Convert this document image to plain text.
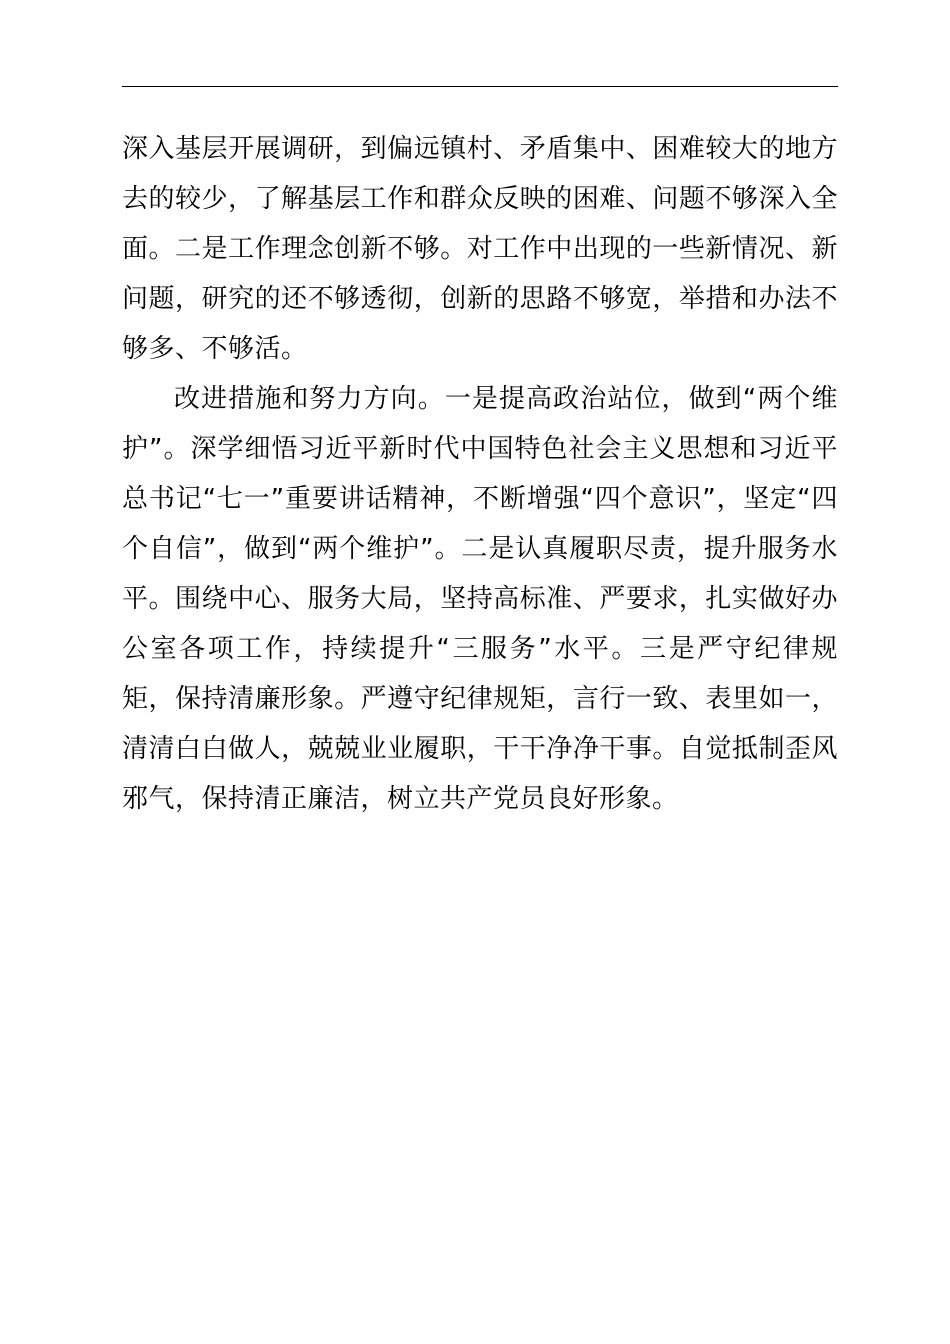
深入基层开展调研，到偏远镇村、矛盾集中、困难较大的地方去的较少，了解基层工作和群众反映的困难、问题不够深入全面。二是工作理念创新不够。对工作中出现的一些新情况、新问题，研究的还不够透彻，创新的思路不够宽，举措和办法不够多、不够活。

改进措施和努力方向。一是提高政治站位，做到“两个维护”。深学细悟习近平新时代中国特色社会主义思想和习近平总书记“七一”重要讲话精神，不断增强“四个意识”，坚定“四个自信”，做到“两个维护”。二是认真履职尽责，提升服务水平。围绕中心、服务大局，坚持高标准、严要求，扎实做好办公室各项工作，持续提升“三服务”水平。三是严守纪律规矩，保持清廉形象。严遵守纪律规矩，言行一致、表里如一，清清白白做人，兢兢业业履职，干干净净干事。自觉抵制歪风邪气，保持清正廉洁，树立共产党员良好形象。
